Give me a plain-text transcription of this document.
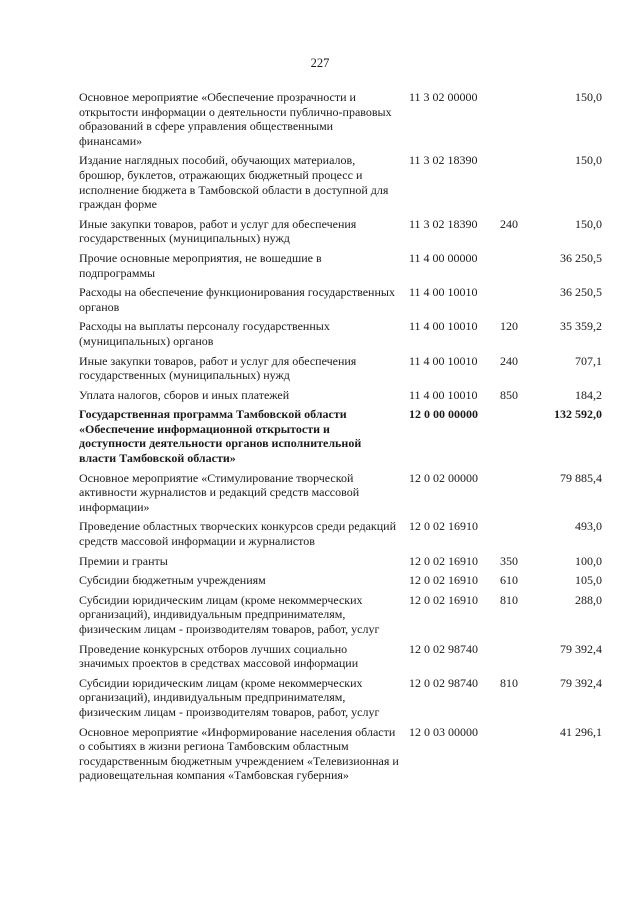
227
Основное мероприятие «Обеспечение прозрачности и открытости информации о деятельности публично-правовых образований в сфере управления общественными финансами»
11 3 02 00000	150,0
Издание наглядных пособий, обучающих материалов, брошюр, буклетов, отражающих бюджетный процесс и исполнение бюджета в Тамбовской области в доступной для граждан форме
11 3 02 18390	150,0
Иные закупки товаров, работ и услуг для обеспечения государственных (муниципальных) нужд
11 3 02 18390 240	150,0
Прочие основные мероприятия, не вошедшие в подпрограммы
11 4 00 00000	36 250,5
Расходы на обеспечение функционирования государственных органов
11 4 00 10010	36 250,5
Расходы на выплаты персоналу государственных (муниципальных) органов
11 4 00 10010 120	35 359,2
Иные закупки товаров, работ и услуг для обеспечения государственных (муниципальных) нужд
11 4 00 10010 240	707,1
Уплата налогов, сборов и иных платежей	11 4 00 10010 850	184,2
Государственная программа Тамбовской области «Обеспечение информационной открытости и доступности деятельности органов исполнительной власти Тамбовской области»
12 0 00 00000	132 592,0
Основное мероприятие «Стимулирование творческой активности журналистов и редакций средств массовой информации»
12 0 02 00000	79 885,4
Проведение областных творческих конкурсов среди редакций средств массовой информации и журналистов
12 0 02 16910	493,0
Премии и гранты	12 0 02 16910 350	100,0
Субсидии бюджетным учреждениям	12 0 02 16910 610	105,0
Субсидии юридическим лицам (кроме некоммерческих организаций), индивидуальным предпринимателям, физическим лицам - производителям товаров, работ, услуг
12 0 02 16910 810	288,0
Проведение конкурсных отборов лучших социально значимых проектов в средствах массовой информации
12 0 02 98740	79 392,4
Субсидии юридическим лицам (кроме некоммерческих организаций), индивидуальным предпринимателям, физическим лицам - производителям товаров, работ, услуг
12 0 02 98740 810	79 392,4
Основное мероприятие «Информирование населения области о событиях в жизни региона Тамбовским областным государственным бюджетным учреждением «Телевизионная и радиовещательная компания «Тамбовская губерния»
12 0 03 00000	41 296,1
